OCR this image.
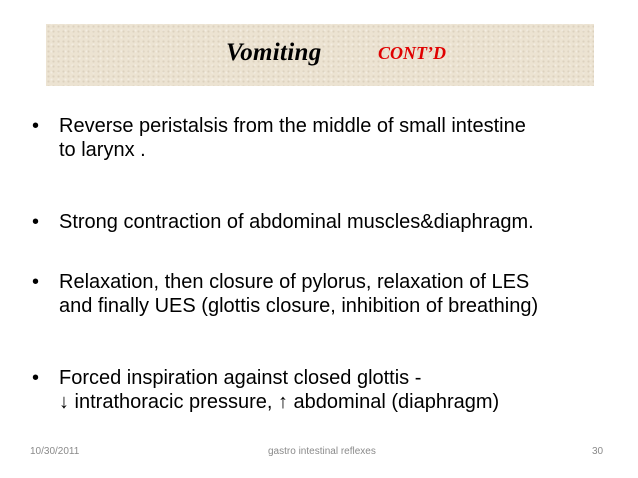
Vomiting	CONT’D
• Reverse peristalsis from the middle of small intestine
to larynx .
• Strong contraction of abdominal muscles&diaphragm.
• Relaxation, then closure of pylorus, relaxation of LES
and finally UES (glottis closure, inhibition of breathing)
• Forced inspiration against closed glottis -
↓ intrathoracic pressure, ↑ abdominal (diaphragm)
10/30/2011	gastro intestinal reflexes	30
